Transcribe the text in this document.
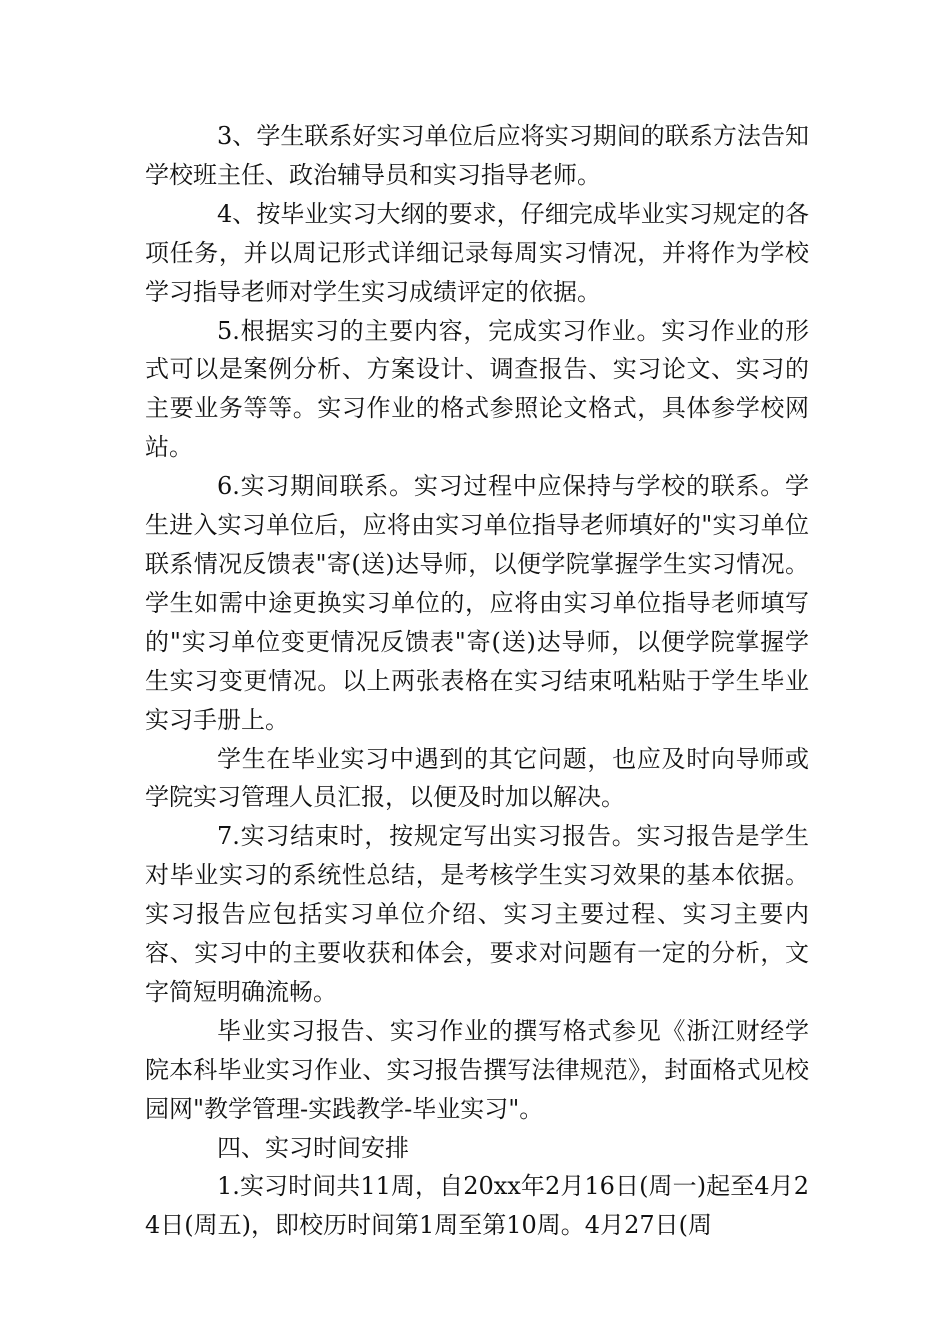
3、学生联系好实习单位后应将实习期间的联系方法告知学校班主任、政治辅导员和实习指导老师。

4、按毕业实习大纲的要求，仔细完成毕业实习规定的各项任务，并以周记形式详细记录每周实习情况，并将作为学校学习指导老师对学生实习成绩评定的依据。

5.根据实习的主要内容，完成实习作业。实习作业的形式可以是案例分析、方案设计、调查报告、实习论文、实习的主要业务等等。实习作业的格式参照论文格式，具体参学校网站。

6.实习期间联系。实习过程中应保持与学校的联系。学生进入实习单位后，应将由实习单位指导老师填好的"实习单位联系情况反馈表"寄(送)达导师，以便学院掌握学生实习情况。学生如需中途更换实习单位的，应将由实习单位指导老师填写的"实习单位变更情况反馈表"寄(送)达导师，以便学院掌握学生实习变更情况。以上两张表格在实习结束吼粘贴于学生毕业实习手册上。

学生在毕业实习中遇到的其它问题，也应及时向导师或学院实习管理人员汇报，以便及时加以解决。

7.实习结束时，按规定写出实习报告。实习报告是学生对毕业实习的系统性总结，是考核学生实习效果的基本依据。实习报告应包括实习单位介绍、实习主要过程、实习主要内容、实习中的主要收获和体会，要求对问题有一定的分析，文字简短明确流畅。

毕业实习报告、实习作业的撰写格式参见《浙江财经学院本科毕业实习作业、实习报告撰写法律规范》，封面格式见校园网"教学管理-实践教学-毕业实习"。

四、实习时间安排

1.实习时间共11周，自20xx年2月16日(周一)起至4月24日(周五)，即校历时间第1周至第10周。4月27日(周
